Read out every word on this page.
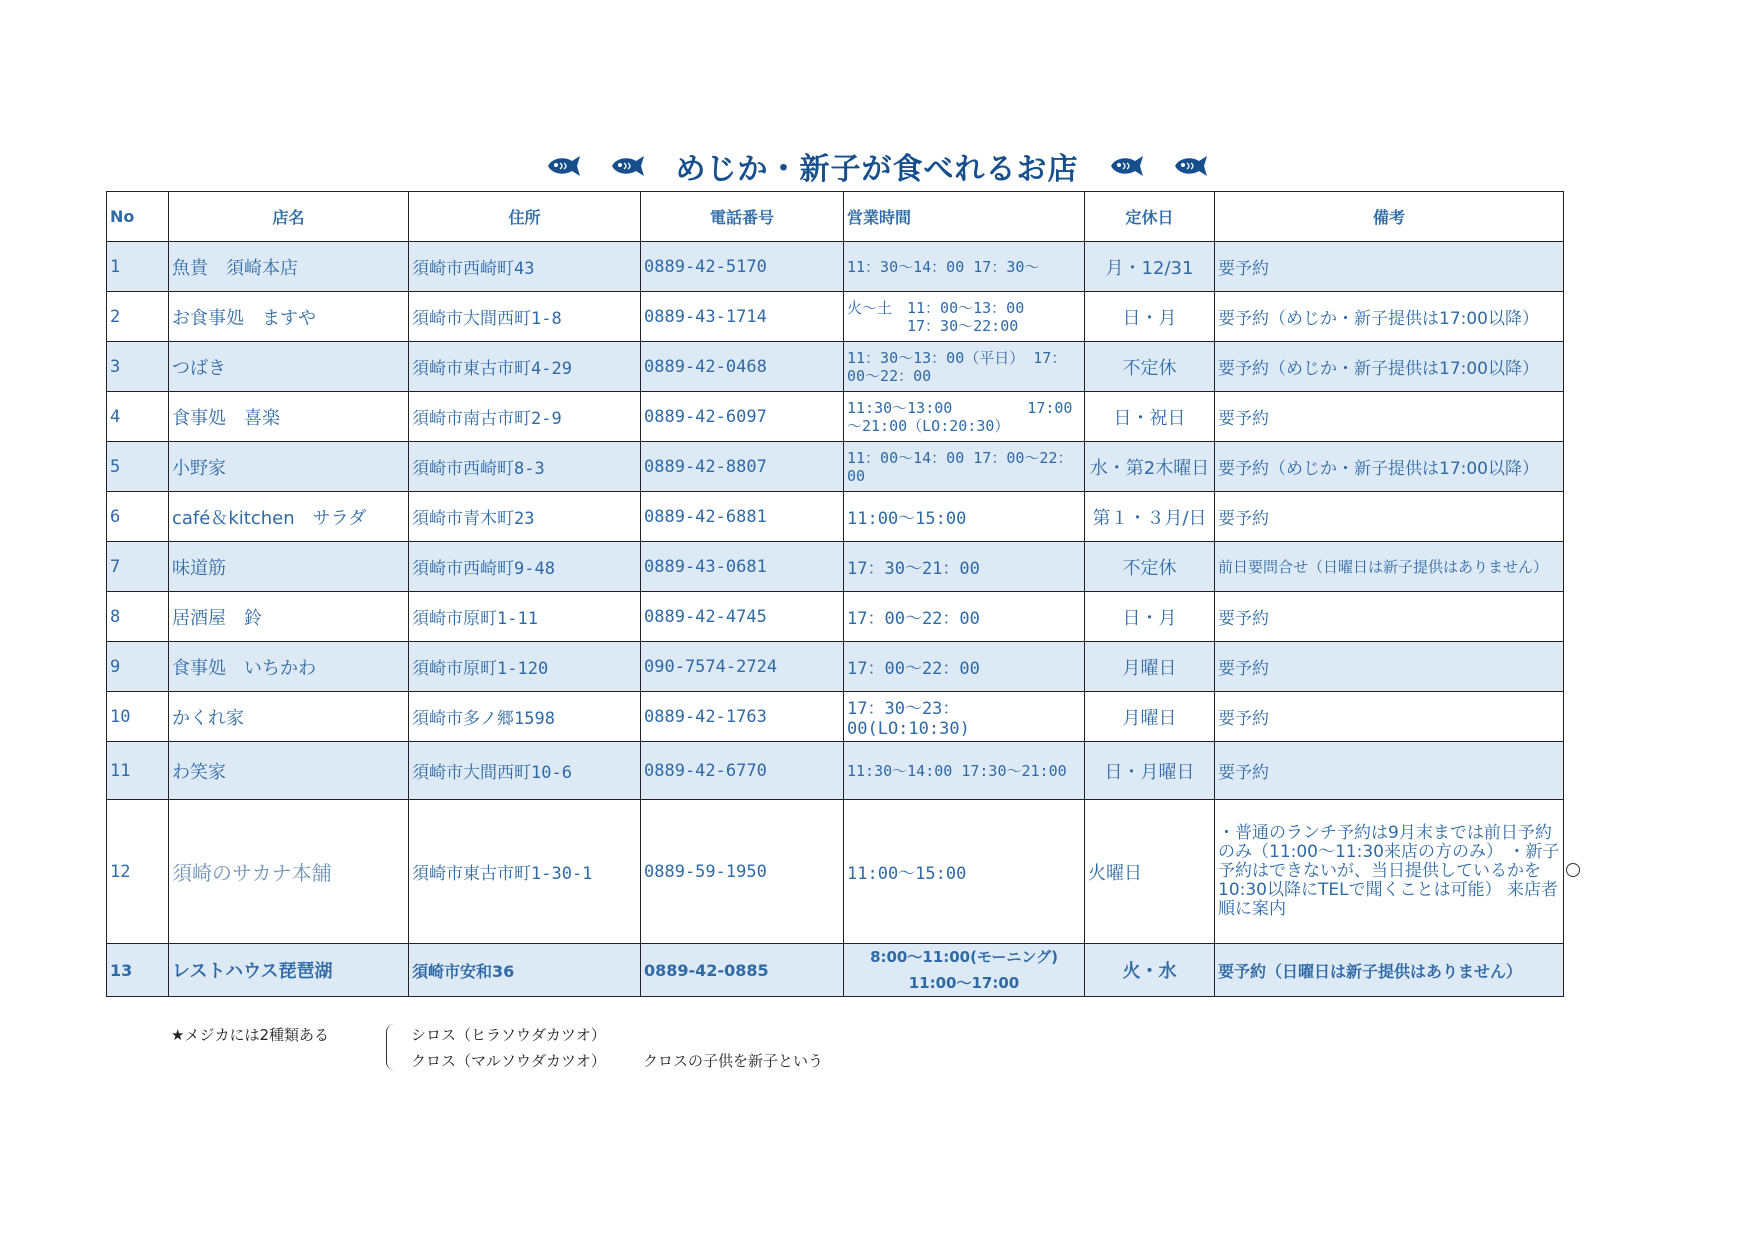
めじか・新子が食べれるお店
No	店名	住所	電話番号	営業時間	定休日	備考
1	魚貴　須崎本店	須崎市西崎町43	0889-42-5170	11：30〜14：00 17：30〜	月・12/31	要予約
2	お食事処　ますや	須崎市大間西町1-8	0889-43-1714	火〜土　11：00〜13：00 　　　　17：30〜22:00	日・月	要予約（めじか・新子提供は17:00以降）
3	つばき	須崎市東古市町4-29	0889-42-0468	11：30〜13：00（平日） 17：00〜22：00	不定休	要予約（めじか・新子提供は17:00以降）
4	食事処　喜楽	須崎市南古市町2-9	0889-42-6097	11:30〜13:00　　　　　17:00 〜21:00（LO:20:30）	日・祝日	要予約
5	小野家	須崎市西崎町8-3	0889-42-8807	11：00〜14：00 17：00〜22：00	水・第2木曜日	要予約（めじか・新子提供は17:00以降）
6	café＆kitchen　サラダ	須崎市青木町23	0889-42-6881	11:00〜15:00	第１・３月/日	要予約
7	味道筋	須崎市西崎町9-48	0889-43-0681	17：30〜21：00	不定休	前日要問合せ（日曜日は新子提供はありません）
8	居酒屋　鈴	須崎市原町1-11	0889-42-4745	17：00〜22：00	日・月	要予約
9	食事処　いちかわ	須崎市原町1-120	090-7574-2724	17：00〜22：00	月曜日	要予約
10	かくれ家	須崎市多ノ郷1598	0889-42-1763	17：30〜23：00(LO:10:30)	月曜日	要予約
11	わ笑家	須崎市大間西町10-6	0889-42-6770	11:30〜14:00 17:30〜21:00	日・月曜日	要予約
12	須崎のサカナ本舗	須崎市東古市町1-30-1	0889-59-1950	11:00〜15:00	火曜日	・普通のランチ予約は9月末までは前日予約のみ（11:00〜11:30来店の方のみ） ・新子予約はできないが、当日提供しているかを10:30以降にTELで聞くことは可能） 来店者順に案内
13	レストハウス琵琶湖	須崎市安和36	0889-42-0885	8:00〜11:00(モーニング) 11:00〜17:00	火・水	要予約（日曜日は新子提供はありません）
★メジカには2種類ある	シロス（ヒラソウダカツオ）
クロス（マルソウダカツオ） クロスの子供を新子という
